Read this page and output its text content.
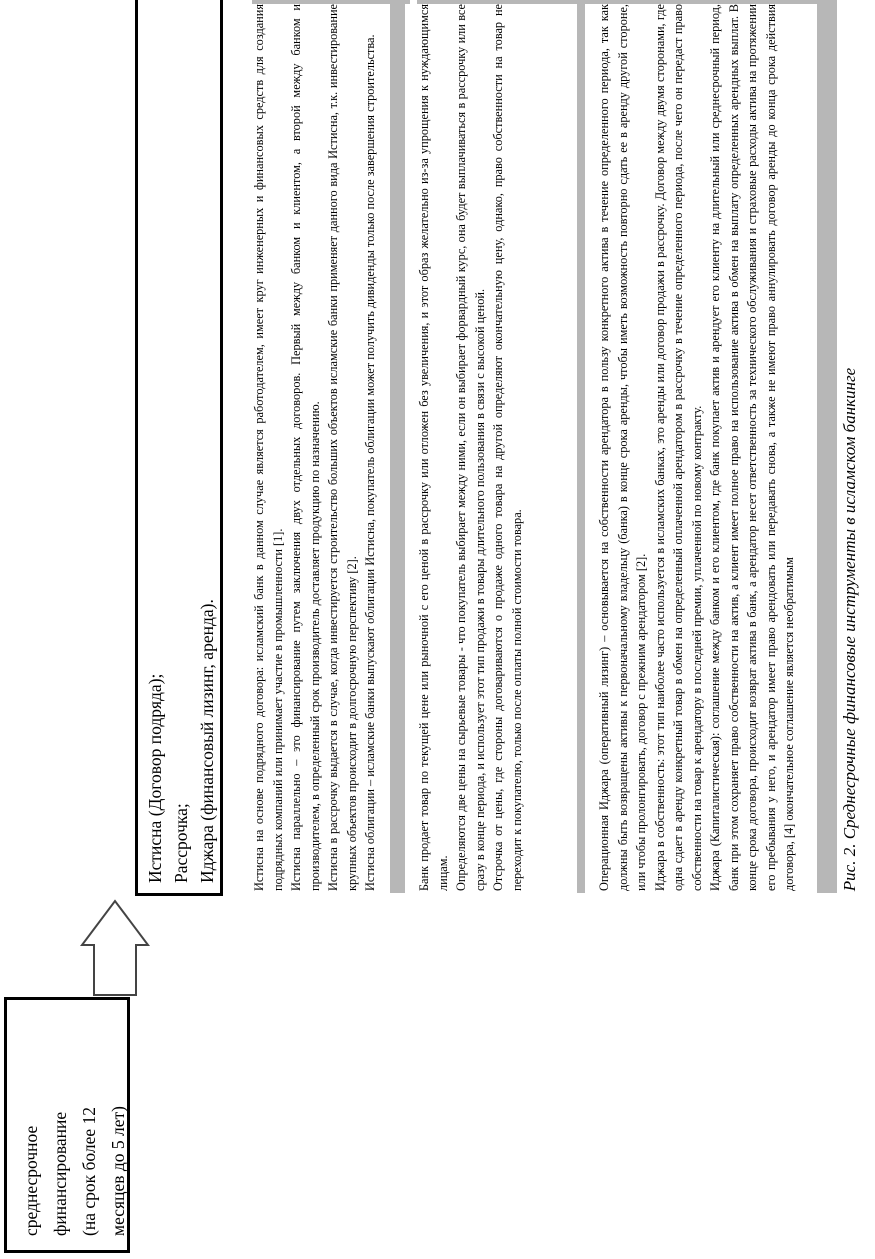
среднесрочное финансирование (на срок более 12 месяцев до 5 лет)
Истисна (Договор подряда); Рассрочка; Иджара (финансовый лизинг, аренда).	Истисна на основе подрядного договора: исламский банк в данном случае является работодателем, имеет круг инженерных и финансовых средств для создания подрядных компаний или принимает участие в промышленности [1]. Истисна параллельно – это финансирование путем заключения двух отдельных договоров. Первый между банком и клиентом, а второй между банком и производителем, в определенный срок производитель доставляет продукцию по назначению. Истисна в рассрочку выдается в случае, когда инвестируется строительство больших объектов исламские банки применяет данного вида Истисна, т.к. инвестирование крупных объектов происходит в долгосрочную перспективу [2]. Истисна облигации – исламские банки выпускают облигации Истисна, покупатель облигации может получить дивиденды только после завершения строительства.	Банк продает товар по текущей цене или рыночной с его ценой в рассрочку или отложен без увеличения, и этот образ желательно из-за упрощения к нуждающимся лицам. Определяются две цены на сырьевые товары - что покупатель выбирает между ними, если он выбирает форвардный курс, она будет выплачиваться в рассрочку или все сразу в конце периода, и использует этот тип продажи в товары длительного пользования в связи с высокой ценой. Отсрочка от цены, где стороны договариваются о продаже одного товара на другой определяют окончательную цену, однако, право собственности на товар не переходит к покупателю, только после оплаты полной стоимости товара.	Операционная Иджара (оперативный лизинг) – основывается на собственности арендатора в пользу конкретного актива в течение определенного периода, так как должны быть возвращены активы к первоначальному владельцу (банка) в конце срока аренды, чтобы иметь возможность повторно сдать ее в аренду другой стороне, или чтобы пролонгировать, договор с прежним арендатором [2]. Иджара в собственность: этот тип наиболее часто используется в исламских банках, это аренды или договор продажи в рассрочку. Договор между двумя сторонами, где одна сдает в аренду конкретный товар в обмен на определенный оплаченной арендатором в рассрочку в течение определенного периода, после чего он передаст право собственности на товар к арендатору в последней премии, уплаченной по новому контракту. Иджара (Капиталистическая): соглашение между банком и его клиентом, где банк покупает актив и арендует его клиенту на длительный или среднесрочный период, банк при этом сохраняет право собственности на актив, а клиент имеет полное право на использование актива в обмен на выплату определенных арендных выплат. В конце срока договора, происходит возврат актива в банк, а арендатор несет ответственность за технического обслуживания и страховые расходы актива на протяжении его пребывания у него, и арендатор имеет право арендовать или передавать снова, а также не имеют право аннулировать договор аренды до конца срока действия договора, [4] окончательное соглашение является необратимым	Рис. 2. Среднесрочные финансовые инструменты в исламском банкинге
